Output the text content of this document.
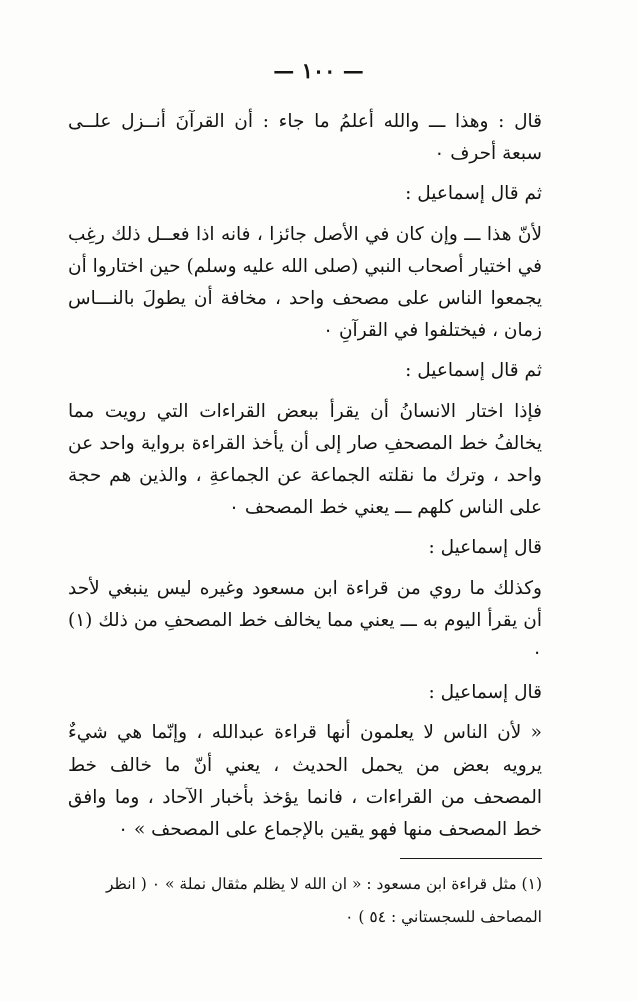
— ١٠٠ —

قال : وهذا ـــ والله أعلمُ ما جاء : أن القرآنَ أنــزل علــى سبعة أحرف ٠

ثم قال إسماعيل :

لأنّ هذا ـــ وإن كان في الأصل جائزا ، فانه اذا فعــل ذلك رغِب في اختيار أصحاب النبي (صلى الله عليه وسلم) حين اختاروا أن يجمعوا الناس على مصحف واحد ، مخافة أن يطولَ بالنـــاس زمان ، فيختلفوا في القرآنِ ٠

ثم قال إسماعيل :

فإذا اختار الانسانُ أن يقرأ ببعض القراءات التي رويت مما يخالفُ خط المصحفِ صار إلى أن يأخذ القراءة برواية واحد عن واحد ، وترك ما نقلته الجماعة عن الجماعةِ ، والذين هم حجة على الناس كلهم ـــ يعني خط المصحف ٠

قال إسماعيل :

وكذلك ما روي من قراءة ابن مسعود وغيره ليس ينبغي لأحد أن يقرأ اليوم به ـــ يعني مما يخالف خط المصحفِ من ذلك (١) ٠

قال إسماعيل :

« لأن الناس لا يعلمون أنها قراءة عبدالله ، وإنّما هي شيءٌ يرويه بعض من يحمل الحديث ، يعني أنّ ما خالف خط المصحف من القراءات ، فانما يؤخذ بأخبار الآحاد ، وما وافق خط المصحف منها فهو يقين بالإجماع على المصحف » ٠

(١) مثل قراءة ابن مسعود : « ان الله لا يظلم مثقال نملة » ٠ ( انظر
المصاحف للسجستاني : ٥٤ ) ٠
